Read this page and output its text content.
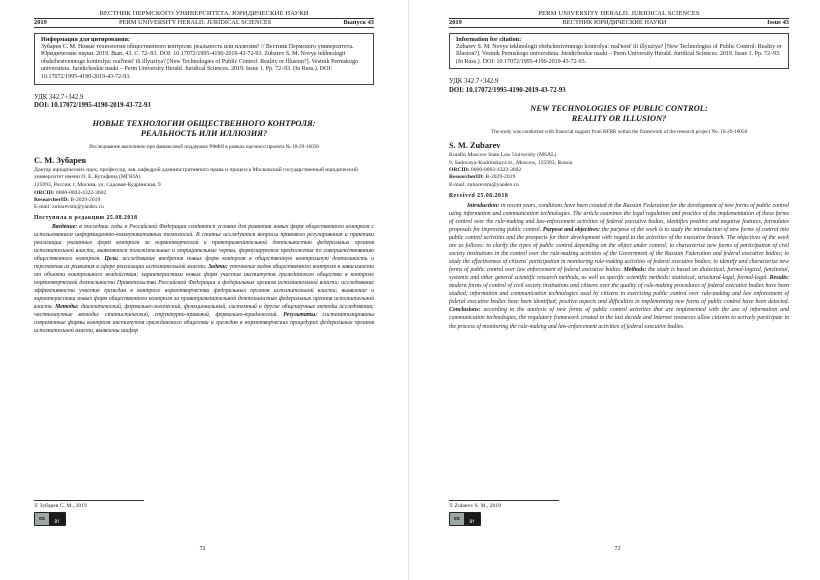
ВЕСТНИК ПЕРМСКОГО УНИВЕРСИТЕТА. ЮРИДИЧЕСКИЕ НАУКИ
2019	PERM UNIVERSITY HERALD. JURIDICAL SCIENCES	Выпуск 43
Информация для цитирования:
Зубарев С. М. Новые технологии общественного контроля: реальность или иллюзия? // Вестник Пермского университета. Юридические науки. 2019. Вып. 43. C. 72–93. DOI: 10.17072/1995-4190-2019-43-72-93. Zubarev S. M. Novye tekhnologii obshchestvennogo kontrolya: real'nost' ili illyuziya? [New Technologies of Public Control: Reality or Illusion?]. Vestnik Permskogo universiteta. Juridicheskie nauki – Perm University Herald. Juridical Sciences. 2019. Issue 1. Pp. 72–93. (In Russ.). DOI: 10.17072/1995-4190-2019-43-72-93.
УДК 342.7+342.9
DOI: 10.17072/1995-4190-2019-43-72-93
НОВЫЕ ТЕХНОЛОГИИ ОБЩЕСТВЕННОГО КОНТРОЛЯ:
РЕАЛЬНОСТЬ ИЛИ ИЛЛЮЗИЯ?
Исследование выполнено при финансовой поддержке РФФИ в рамках научного проекта № 18-29-16058
С. М. Зубарев
Доктор юридических наук, профессор, зав. кафедрой административного права и процесса Московский государственный юридический университет имени О. Е. Кутафина (МГЮА)
125993, Россия, г. Москва, ул. Садовая-Кудринская, 9
ORCID: 0000-0003-4322-3602
ResearcherID: B-2029-2019
E-mail: zubarevsm@yandex.ru
Поступила в редакцию 25.08.2018
Введение: в последние годы в Российской Федерации создаются условия для развития новых форм общественного контроля с использованием информационно-коммуникативных технологий. В статье исследуются вопросы правового регулирования и практики реализации указанных форм контроля за нормотворческой и правоприменительной деятельностью федеральных органов исполнительной власти, выявляются положительные и отрицательные черты, формулируются предложения по совершенствованию общественного контроля. Цель: исследование внедрения новых форм контроля в общественную контрольную деятельность и перспектив их развития в сфере реализации исполнительной власти. Задачи: уточнение видов общественного контроля в зависимости от объекта контрольного воздействия; характеристика новых форм участия институтов гражданского общества в контроле нормотворческой деятельности Правительства Российской Федерации и федеральных органов исполнительной власти; исследование эффективности участия граждан в контроле нормотворчества федеральных органов исполнительной власти; выявление и характеристика новых форм общественного контроля за правоприменительной деятельностью федеральных органов исполнительной власти. Методы: диалектический, формально-логический, функциональный, системный и другие общенаучные методы исследования; частнонаучные методы: статистический, структурно-правовой, формально-юридический. Результаты: систематизированы современные формы контроля институтов гражданского общества и граждан в нормотворческих процедурах федеральных органов исполнительной власти, выявлены шифор
© Зубарев С. М., 2019
cc	BY
72
PERM UNIVERSITY HERALD. JURIDICAL SCIENCES
2019	ВЕСТНИК ЮРИДИЧЕСКИЕ НАУКИ	Issue 43
Information for citation:
Zubarev S. M. Novye tekhnologii obshchestvennogo kontrolya: real'nost' ili illyuziya? [New Technologies of Public Control: Reality or Illusion?]. Vestnik Permskogo universiteta. Juridicheskie nauki – Perm University Herald. Juridical Sciences. 2019. Issue 1. Pp. 72–93. (In Russ.). DOI: 10.17072/1995-4190-2019-43-72-93.
УДК 342.7+342.9
DOI: 10.17072/1995-4190-2019-43-72-93
NEW TECHNOLOGIES OF PUBLIC CONTROL:
REALITY OR ILLUSION?
The study was conducted with financial support from RFBR within the framework of the research project No. 18-29-16058
S. M. Zubarev
Kutafin Moscow State Law University (MSAL)
9, Sadovaya-Kudrinskaya st., Moscow, 125993, Russia
ORCID: 0000-0003-4322-3602
ResearcherID: B-2029-2019
E-mail: zubarevsm@yandex.ru
Received 25.08.2018
Introduction: in recent years, conditions have been created in the Russian Federation for the development of new forms of public control using information and communication technologies. The article examines the legal regulation and practice of the implementation of these forms of control over the rule-making and law-enforcement activities of federal executive bodies, identifies positive and negative features, formulates proposals for improving public control. Purpose and objectives: the purpose of the work is to study the introduction of new forms of control into public control activities and the prospects for their development with regard to the activities of the executive branch. The objectives of the work are as follows: to clarify the types of public control depending on the object under control; to characterize new forms of participation of civil society institutions in the control over the rule-making activities of the Government of the Russian Federation and federal executive bodies; to study the effectiveness of citizens' participation in monitoring rule-making activities of federal executive bodies; to identify and characterize new forms of public control over law enforcement of federal executive bodies. Methods: the study is based on dialectical, formal-logical, functional, systemic and other general scientific research methods, as well as specific scientific methods: statistical, structural-legal, formal-legal. Results: modern forms of control of civil society institutions and citizens over the quality of rule-making procedures of federal executive bodies have been studied; information and communication technologies used by citizens in exercising public control over rule-making and law enforcement of federal executive bodies have been identified; positive aspects and difficulties in implementing new forms of public control have been detected. Conclusions: according to the analysis of new forms of public control activities that are implemented with the use of information and communication technologies, the regulatory framework created in the last decade and Internet resources allow citizens to actively participate in the process of monitoring the rule-making and law-enforcement activities of federal executive bodies.
© Zubarev S. M., 2019
cc	BY
72
